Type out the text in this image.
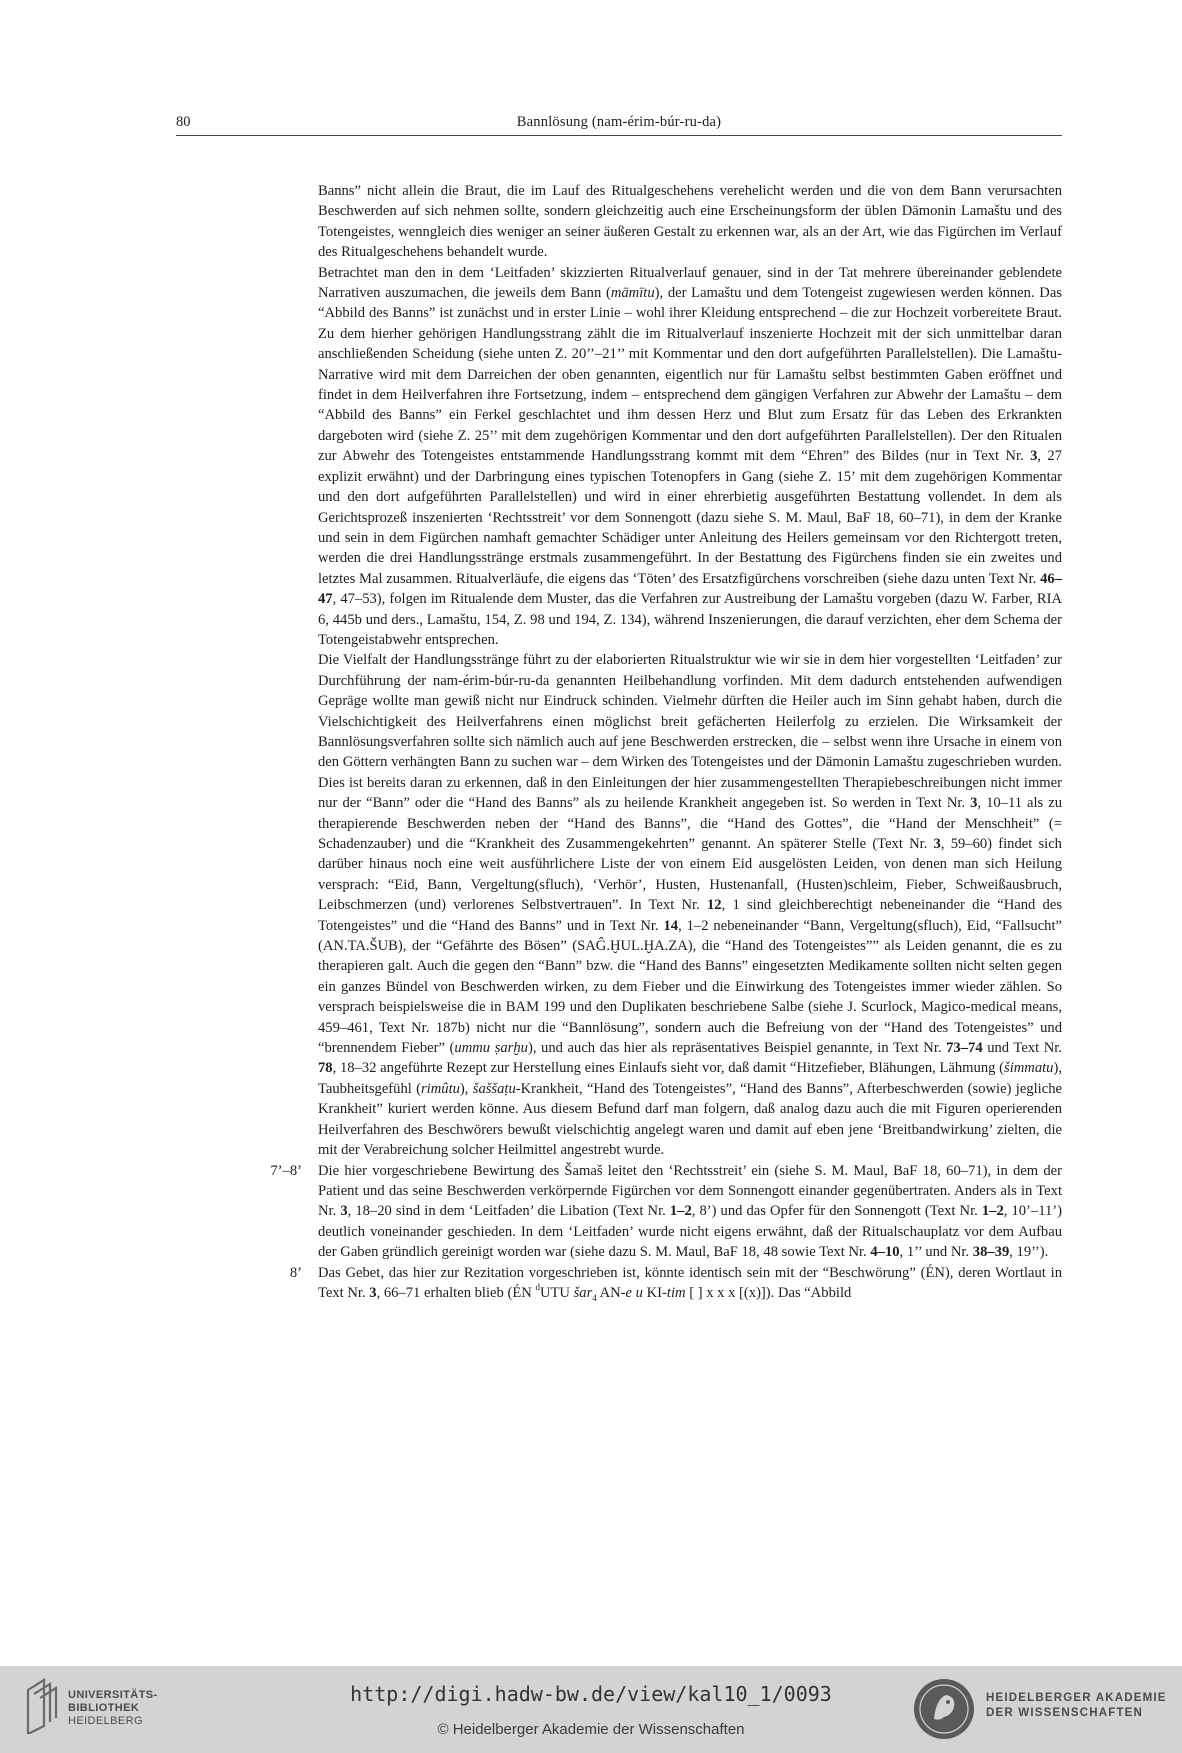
80	Bannlösung (nam-érim-búr-ru-da)

Banns” nicht allein die Braut, die im Lauf des Ritualgeschehens verehelicht werden und die von dem Bann verursachten Beschwerden auf sich nehmen sollte, sondern gleichzeitig auch eine Erscheinungsform der üblen Dämonin Lamaštu und des Totengeistes, wenngleich dies weniger an seiner äußeren Gestalt zu erkennen war, als an der Art, wie das Figürchen im Verlauf des Ritualgeschehens behandelt wurde.

Betrachtet man den in dem ‘Leitfaden’ skizzierten Ritualverlauf genauer, sind in der Tat mehrere übereinander geblendete Narrativen auszumachen, die jeweils dem Bann (māmītu), der Lamaštu und dem Totengeist zugewiesen werden können. Das “Abbild des Banns” ist zunächst und in erster Linie – wohl ihrer Kleidung entsprechend – die zur Hochzeit vorbereitete Braut. Zu dem hierher gehörigen Handlungsstrang zählt die im Ritualverlauf inszenierte Hochzeit mit der sich unmittelbar daran anschließenden Scheidung (siehe unten Z. 20’’–21’’ mit Kommentar und den dort aufgeführten Parallelstellen). Die Lamaštu-Narrative wird mit dem Darreichen der oben genannten, eigentlich nur für Lamaštu selbst bestimmten Gaben eröffnet und findet in dem Heilverfahren ihre Fortsetzung, indem – entsprechend dem gängigen Verfahren zur Abwehr der Lamaštu – dem “Abbild des Banns” ein Ferkel geschlachtet und ihm dessen Herz und Blut zum Ersatz für das Leben des Erkrankten dargeboten wird (siehe Z. 25’’ mit dem zugehörigen Kommentar und den dort aufgeführten Parallelstellen). Der den Ritualen zur Abwehr des Totengeistes entstammende Handlungsstrang kommt mit dem “Ehren” des Bildes (nur in Text Nr. 3, 27 explizit erwähnt) und der Darbringung eines typischen Totenopfers in Gang (siehe Z. 15’ mit dem zugehörigen Kommentar und den dort aufgeführten Parallelstellen) und wird in einer ehrerbietig ausgeführten Bestattung vollendet. In dem als Gerichtsprozeß inszenierten ‘Rechtsstreit’ vor dem Sonnengott (dazu siehe S. M. Maul, BaF 18, 60–71), in dem der Kranke und sein in dem Figürchen namhaft gemachter Schädiger unter Anleitung des Heilers gemeinsam vor den Richtergott treten, werden die drei Handlungsstränge erstmals zusammengeführt. In der Bestattung des Figürchens finden sie ein zweites und letztes Mal zusammen. Ritualverläufe, die eigens das ‘Töten’ des Ersatzfigürchens vorschreiben (siehe dazu unten Text Nr. 46–47, 47–53), folgen im Ritualende dem Muster, das die Verfahren zur Austreibung der Lamaštu vorgeben (dazu W. Farber, RIA 6, 445b und ders., Lamaštu, 154, Z. 98 und 194, Z. 134), während Inszenierungen, die darauf verzichten, eher dem Schema der Totengeistabwehr entsprechen.

Die Vielfalt der Handlungsstränge führt zu der elaborierten Ritualstruktur wie wir sie in dem hier vorgestellten ‘Leitfaden’ zur Durchführung der nam-érim-búr-ru-da genannten Heilbehandlung vorfinden. Mit dem dadurch entstehenden aufwendigen Gepräge wollte man gewiß nicht nur Eindruck schinden. Vielmehr dürften die Heiler auch im Sinn gehabt haben, durch die Vielschichtigkeit des Heilverfahrens einen möglichst breit gefächerten Heilerfolg zu erzielen. Die Wirksamkeit der Bannlösungsverfahren sollte sich nämlich auch auf jene Beschwerden erstrecken, die – selbst wenn ihre Ursache in einem von den Göttern verhängten Bann zu suchen war – dem Wirken des Totengeistes und der Dämonin Lamaštu zugeschrieben wurden. Dies ist bereits daran zu erkennen, daß in den Einleitungen der hier zusammengestellten Therapiebeschreibungen nicht immer nur der “Bann” oder die “Hand des Banns” als zu heilende Krankheit angegeben ist. So werden in Text Nr. 3, 10–11 als zu therapierende Beschwerden neben der “Hand des Banns”, die “Hand des Gottes”, die “Hand der Menschheit” (= Schadenzauber) und die “Krankheit des Zusammengekehrten” genannt. An späterer Stelle (Text Nr. 3, 59–60) findet sich darüber hinaus noch eine weit ausführlichere Liste der von einem Eid ausgelösten Leiden, von denen man sich Heilung versprach: “Eid, Bann, Vergeltung(sfluch), ‘Verhör’, Husten, Hustenanfall, (Husten)schleim, Fieber, Schweißausbruch, Leibschmerzen (und) verlorenes Selbstvertrauen”. In Text Nr. 12, 1 sind gleichberechtigt nebeneinander die “Hand des Totengeistes” und die “Hand des Banns” und in Text Nr. 14, 1–2 nebeneinander “Bann, Vergeltung(sfluch), Eid, “Fallsucht” (AN.TA.ŠUB), der “Gefährte des Bösen” (SAĜ.ḪUL.ḪA.ZA), die “Hand des Totengeistes”” als Leiden genannt, die es zu therapieren galt. Auch die gegen den “Bann” bzw. die “Hand des Banns” eingesetzten Medikamente sollten nicht selten gegen ein ganzes Bündel von Beschwerden wirken, zu dem Fieber und die Einwirkung des Totengeistes immer wieder zählen. So versprach beispielsweise die in BAM 199 und den Duplikaten beschriebene Salbe (siehe J. Scurlock, Magico-medical means, 459–461, Text Nr. 187b) nicht nur die “Bannlösung”, sondern auch die Befreiung von der “Hand des Totengeistes” und “brennendem Fieber” (ummu ṣarḫu), und auch das hier als repräsentatives Beispiel genannte, in Text Nr. 73–74 und Text Nr. 78, 18–32 angeführte Rezept zur Herstellung eines Einlaufs sieht vor, daß damit “Hitzefieber, Blähungen, Lähmung (šimmatu), Taubheitsgefühl (rimûtu), šaššaṭu-Krankheit, “Hand des Totengeistes”, “Hand des Banns”, Afterbeschwerden (sowie) jegliche Krankheit” kuriert werden könne. Aus diesem Befund darf man folgern, daß analog dazu auch die mit Figuren operierenden Heilverfahren des Beschwörers bewußt vielschichtig angelegt waren und damit auf eben jene ‘Breitbandwirkung’ zielten, die mit der Verabreichung solcher Heilmittel angestrebt wurde.

7’–8’ Die hier vorgeschriebene Bewirtung des Šamaš leitet den ‘Rechtsstreit’ ein (siehe S. M. Maul, BaF 18, 60–71), in dem der Patient und das seine Beschwerden verkörpernde Figürchen vor dem Sonnengott einander gegenübertraten. Anders als in Text Nr. 3, 18–20 sind in dem ‘Leitfaden’ die Libation (Text Nr. 1–2, 8’) und das Opfer für den Sonnengott (Text Nr. 1–2, 10’–11’) deutlich voneinander geschieden. In dem ‘Leitfaden’ wurde nicht eigens erwähnt, daß der Ritualschauplatz vor dem Aufbau der Gaben gründlich gereinigt worden war (siehe dazu S. M. Maul, BaF 18, 48 sowie Text Nr. 4–10, 1’’ und Nr. 38–39, 19’’).

8’ Das Gebet, das hier zur Rezitation vorgeschrieben ist, könnte identisch sein mit der “Beschwörung” (ÉN), deren Wortlaut in Text Nr. 3, 66–71 erhalten blieb (ÉN $^d$UTU šar$_4$ AN-e u KI-tim [ ] x x x [(x)]). Das “Abbild

UNIVERSITÄTS-
BIBLIOTHEK
HEIDELBERG
http://digi.hadw-bw.de/view/kal10_1/0093
© Heidelberger Akademie der Wissenschaften
HEIDELBERGER AKADEMIE
DER WISSENSCHAFTEN
